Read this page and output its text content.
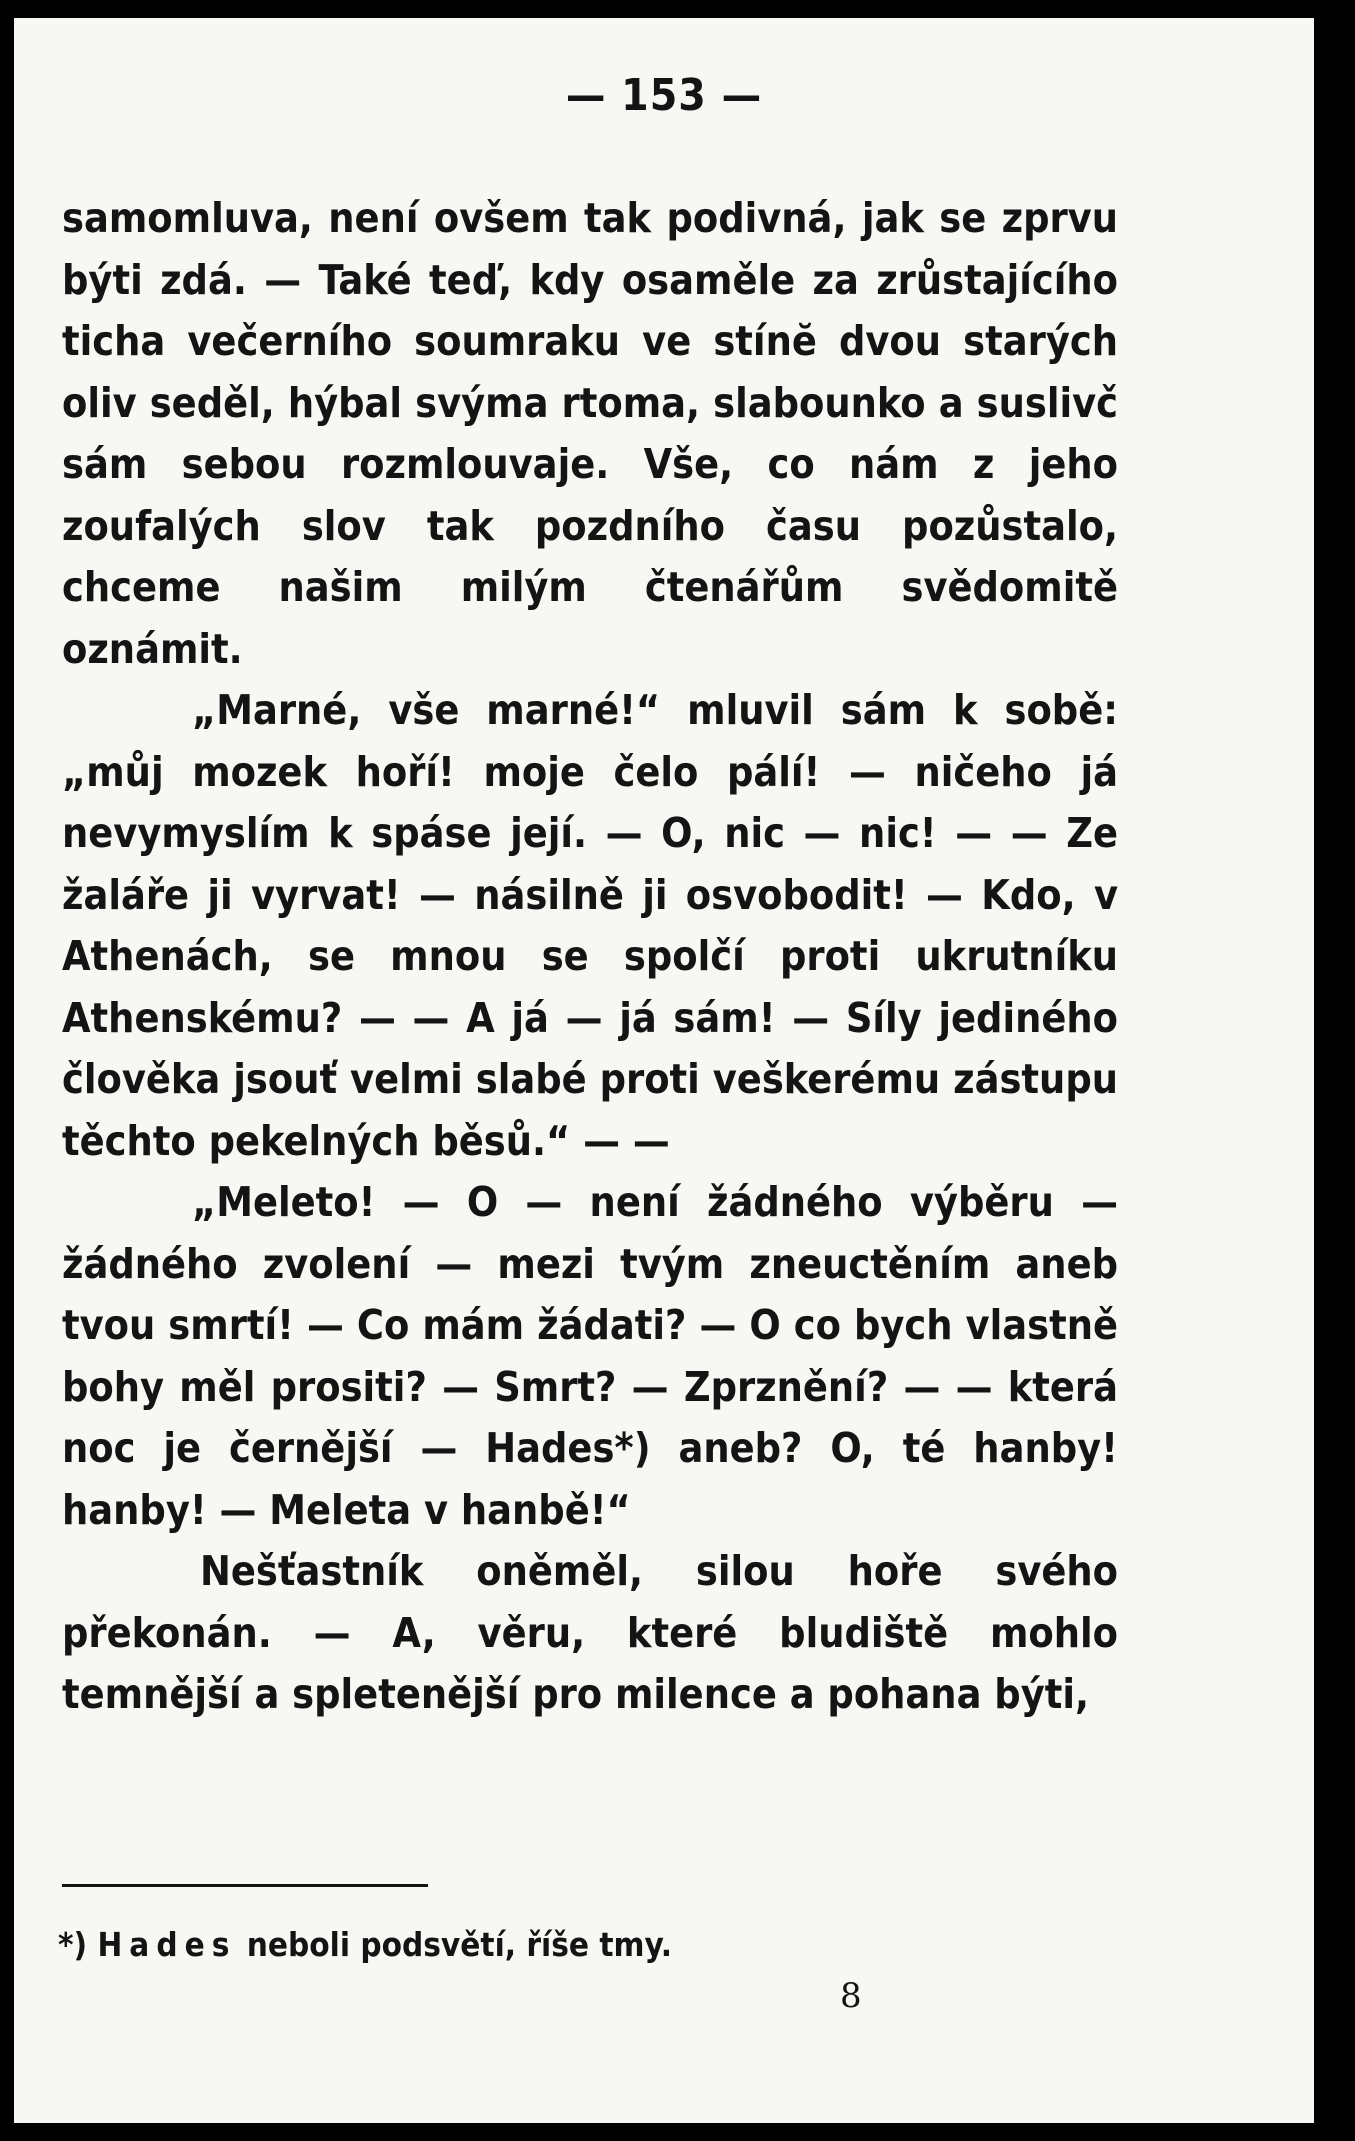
— 153 —

samomluva, není ovšem tak podivná, jak se zprvu býti zdá. — Také teď, kdy osaměle za zrůstajícího ticha večerního soumraku ve stínĕ dvou starých oliv seděl, hýbal svýma rtoma, slabounko a suslivč sám sebou rozmlouvaje. Vše, co nám z jeho zoufalých slov tak pozdního času pozůstalo, chceme našim milým čtenářům svědomitě oznámit.

„Marné, vše marné!“ mluvil sám k sobě: „můj mozek hoří! moje čelo pálí! — ničeho já nevymyslím k spáse její. — O, nic — nic! — — Ze žaláře ji vyrvat! — násilně ji osvobodit! — Kdo, v Athenách, se mnou se spolčí proti ukrutníku Athenskému? — — A já — já sám! — Síly jediného člověka jsouť velmi slabé proti veškerému zástupu těchto pekelných běsů.“ — —

„Meleto! — O — není žádného výběru — žádného zvolení — mezi tvým zneuctěním aneb tvou smrtí! — Co mám žádati? — O co bych vlastně bohy měl prositi? — Smrt? — Zprznění? — — která noc je černější — Hades*) aneb? O, té hanby! hanby! — Meleta v hanbě!“

Nešťastník oněměl, silou hoře svého překonán. — A, věru, které bludiště mohlo temnější a spletenější pro milence a pohana býti,

*) Hades neboli podsvětí, říše tmy.
8
